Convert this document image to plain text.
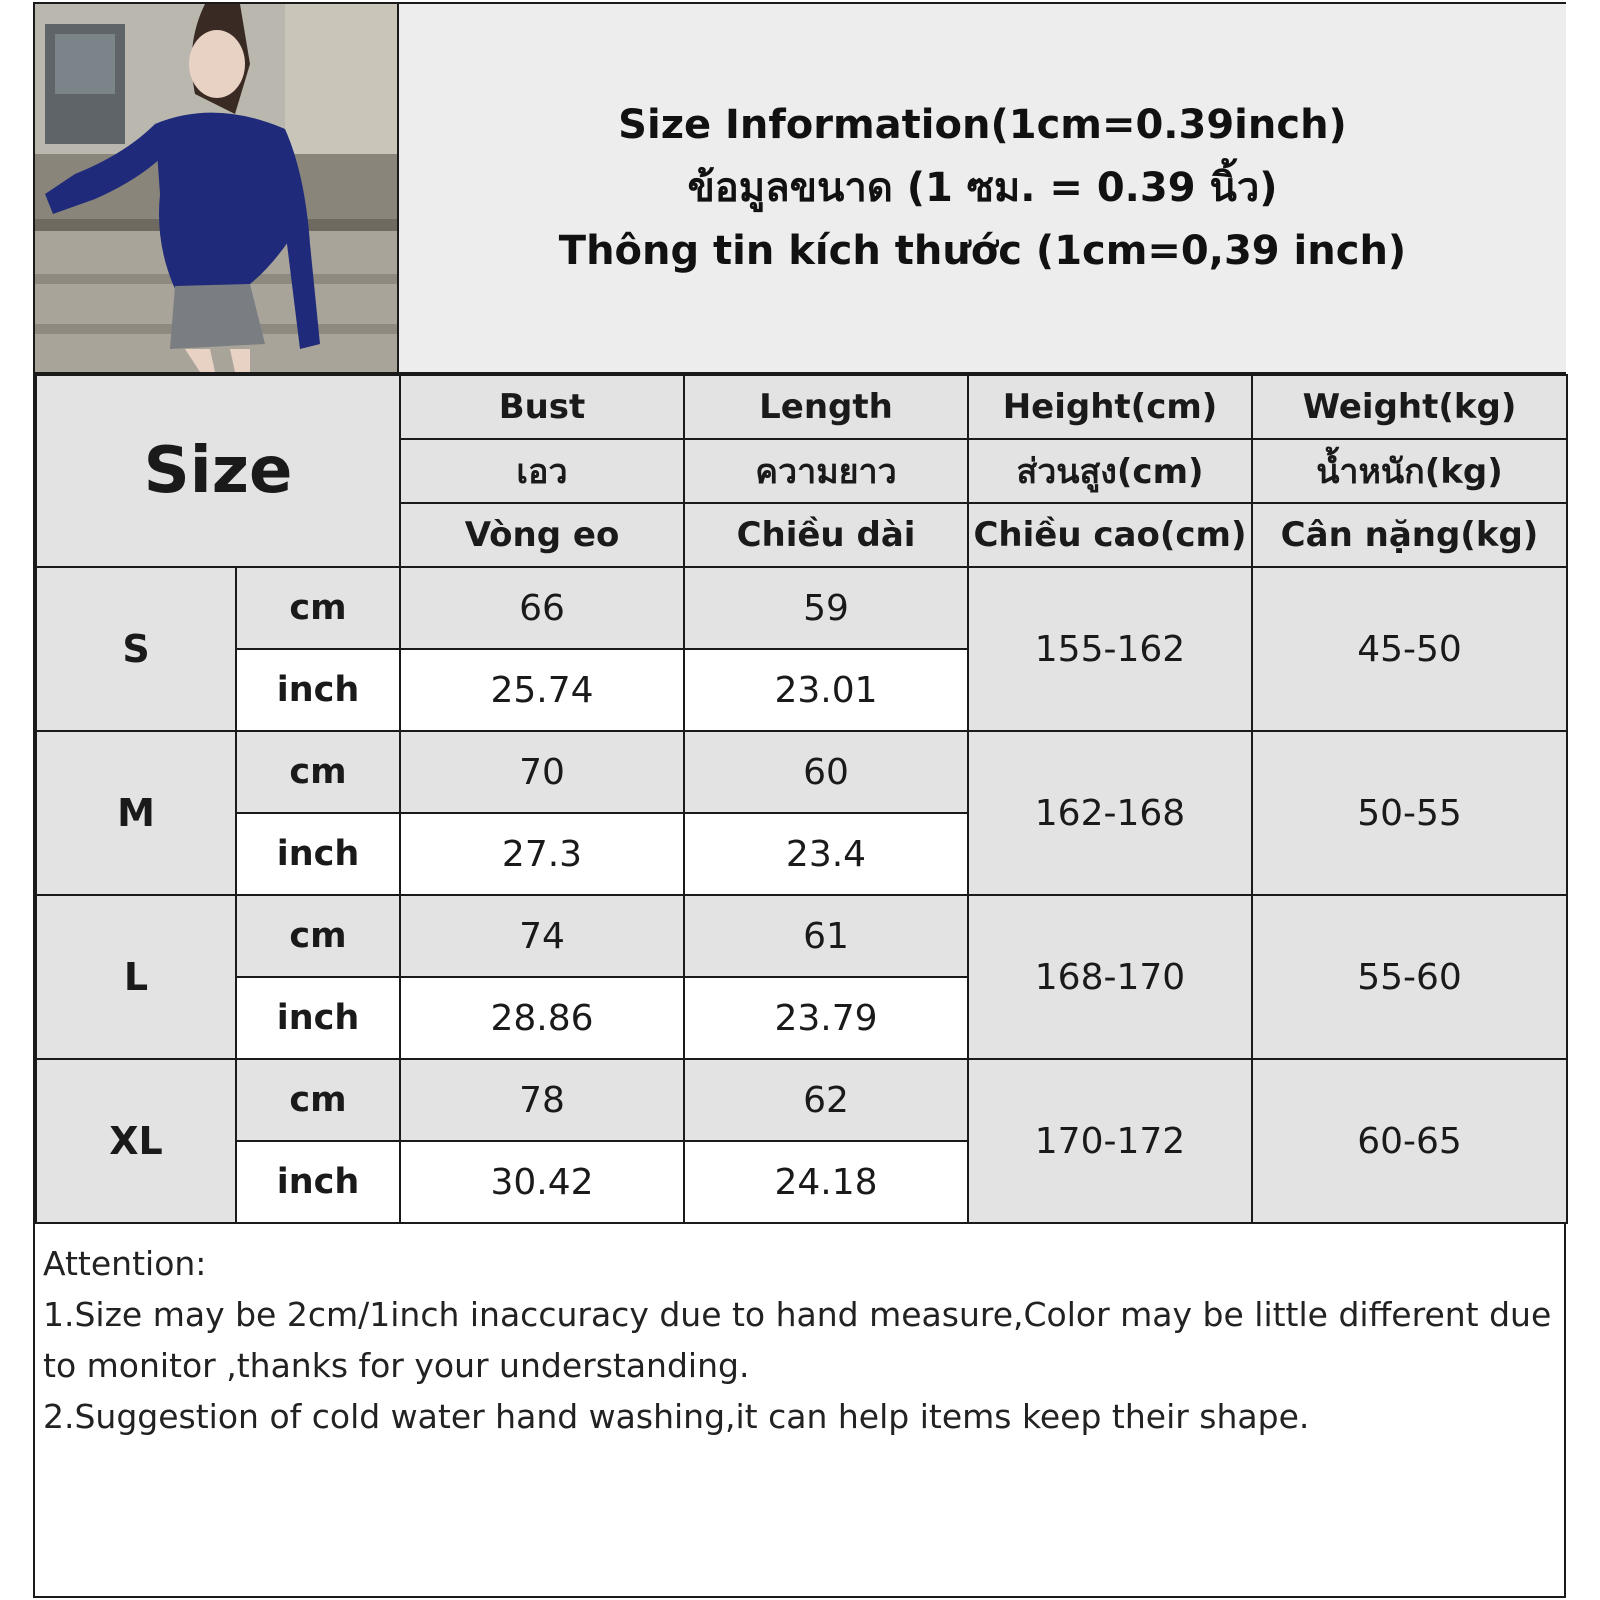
Size Information(1cm=0.39inch)
ข้อมูลขนาด (1 ซม. = 0.39 นิ้ว)
Thông tin kích thước (1cm=0,39 inch)
Size		Bust	Length	Height(cm)	Weight(kg)
		เอว	ความยาว	ส่วนสูง(cm)	น้ำหนัก(kg)
		Vòng eo	Chiều dài	Chiều cao(cm)	Cân nặng(kg)
S	cm	66	59	155-162	45-50
	inch	25.74	23.01		
M	cm	70	60	162-168	50-55
	inch	27.3	23.4		
L	cm	74	61	168-170	55-60
	inch	28.86	23.79		
XL	cm	78	62	170-172	60-65
	inch	30.42	24.18		

Attention:

1.Size may be 2cm/1inch inaccuracy due to hand measure,Color may be little different due to monitor ,thanks for your understanding.

2.Suggestion of cold water hand washing,it can help items keep their shape.
